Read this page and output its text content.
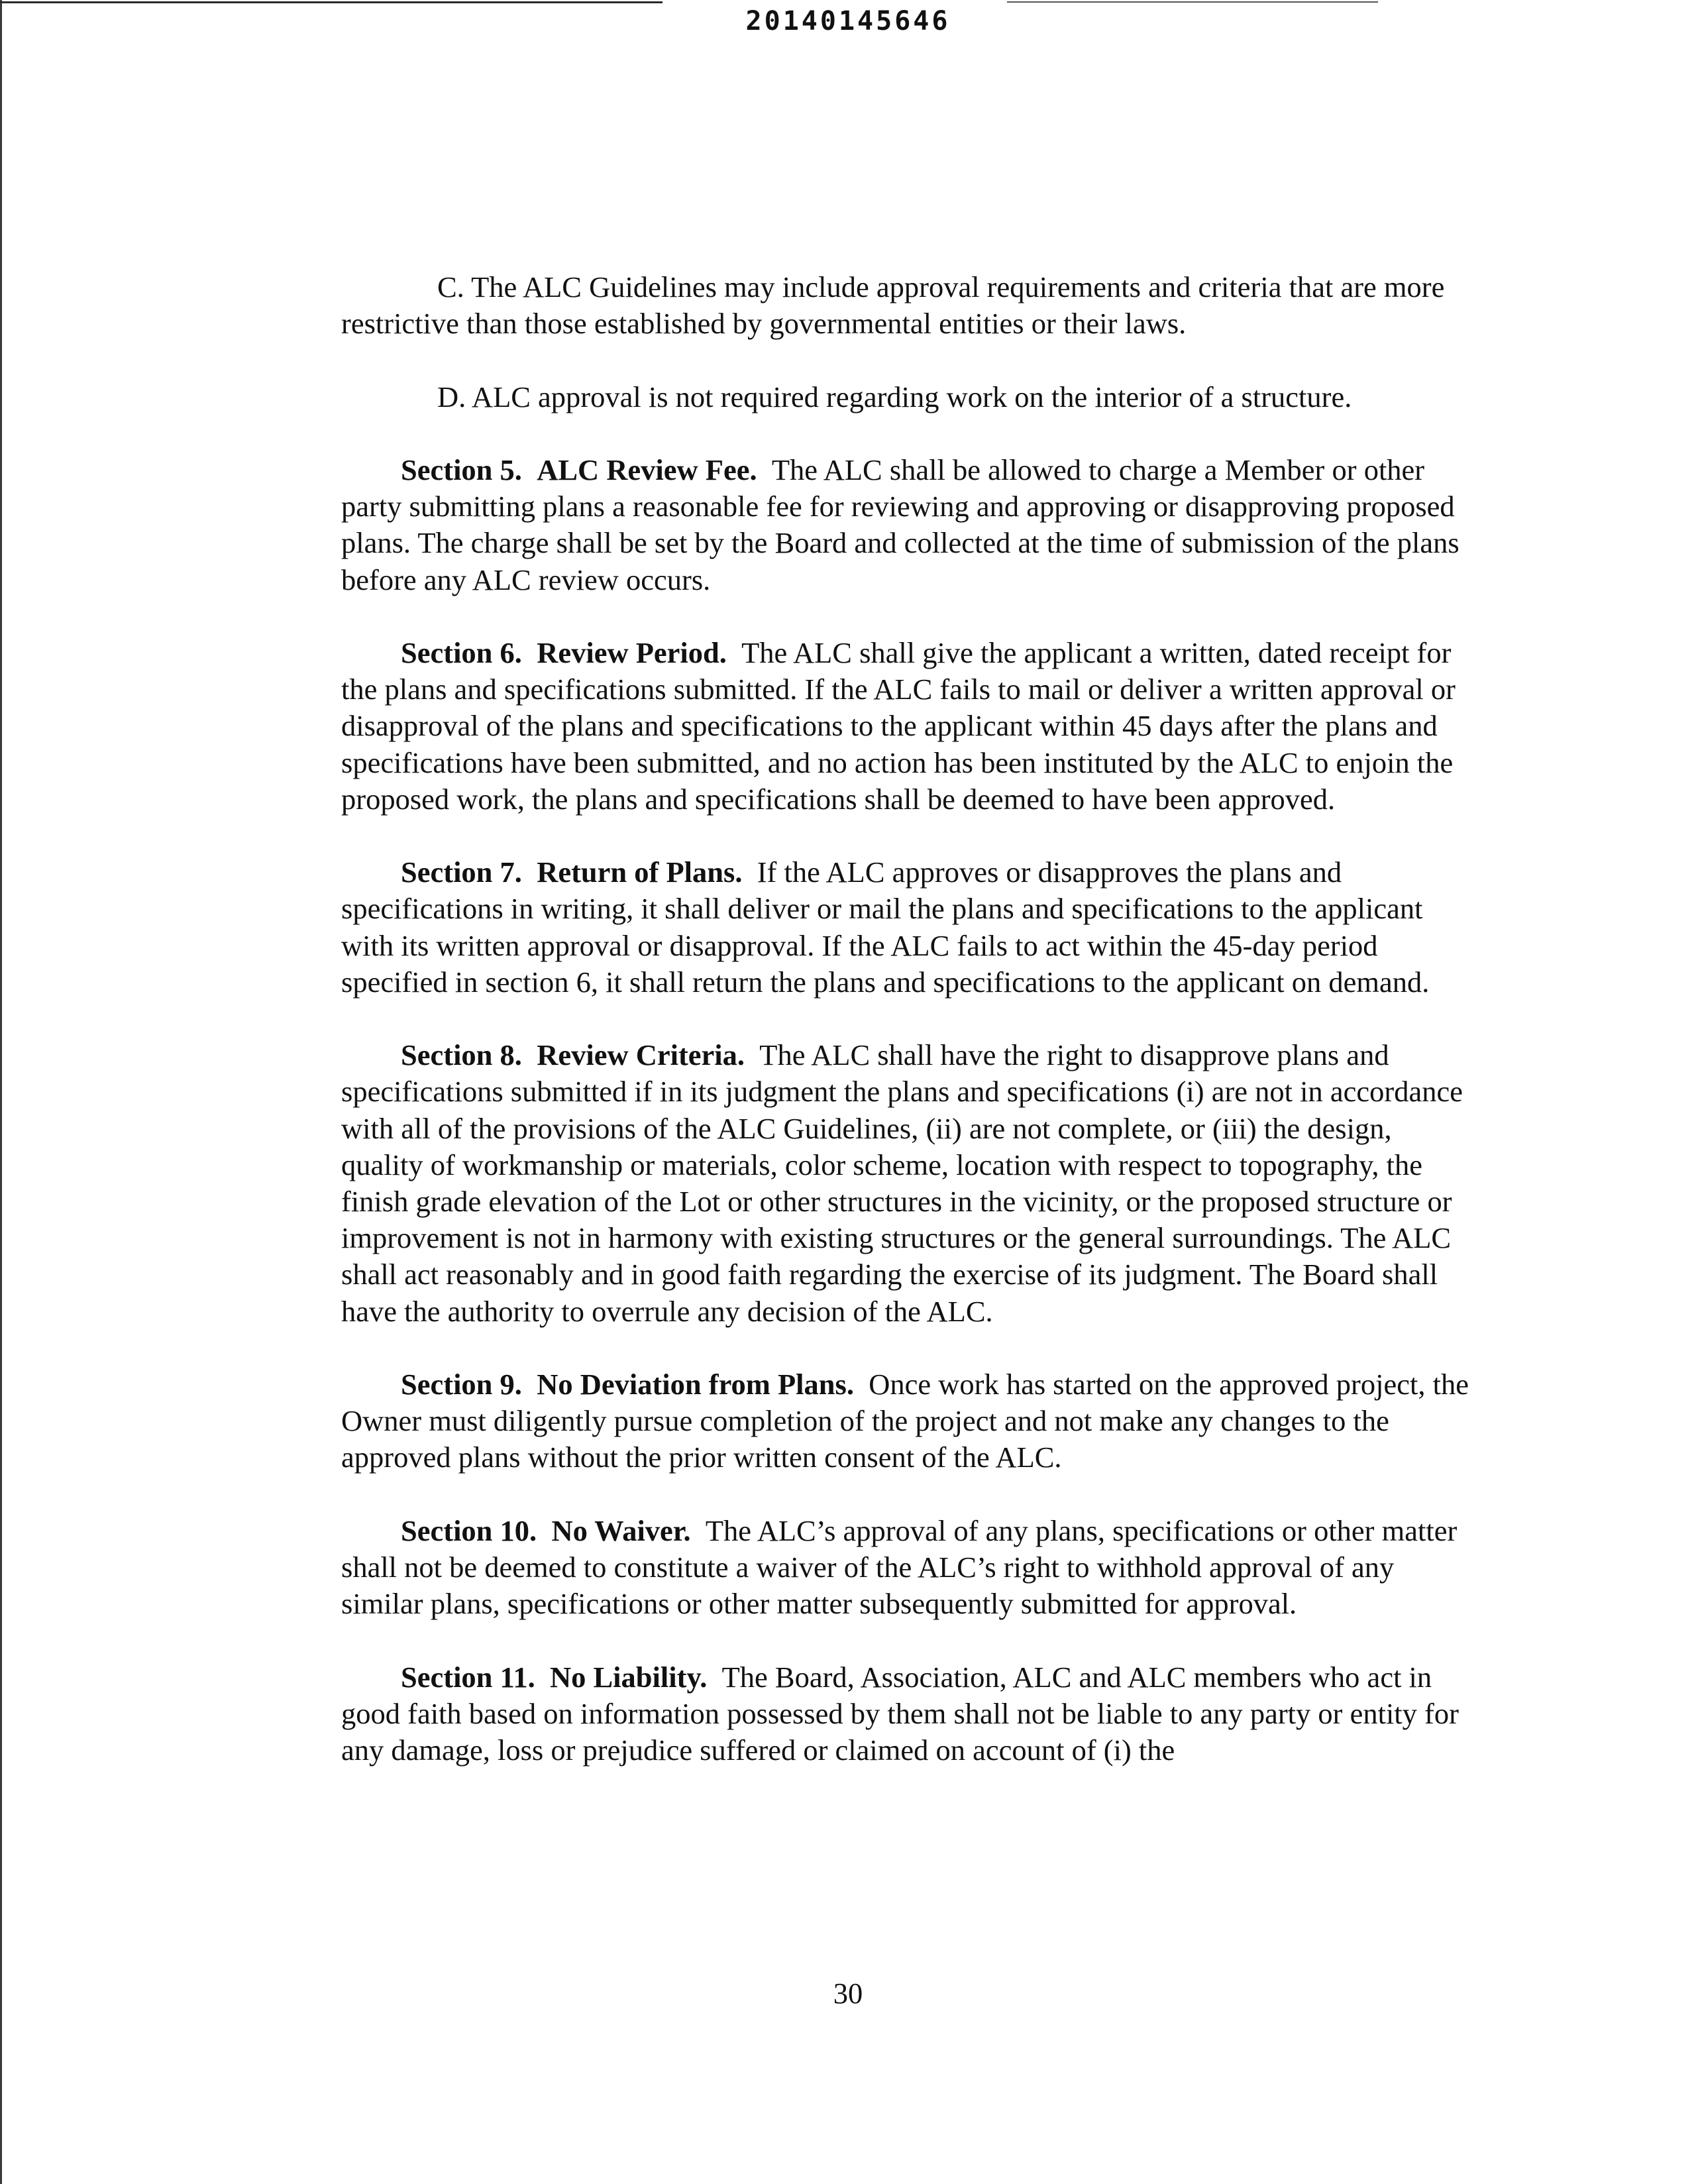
20140145646

C. The ALC Guidelines may include approval requirements and criteria that are more restrictive than those established by governmental entities or their laws.

D. ALC approval is not required regarding work on the interior of a structure.

Section 5. ALC Review Fee. The ALC shall be allowed to charge a Member or other party submitting plans a reasonable fee for reviewing and approving or disapproving proposed plans. The charge shall be set by the Board and collected at the time of submission of the plans before any ALC review occurs.

Section 6. Review Period. The ALC shall give the applicant a written, dated receipt for the plans and specifications submitted. If the ALC fails to mail or deliver a written approval or disapproval of the plans and specifications to the applicant within 45 days after the plans and specifications have been submitted, and no action has been instituted by the ALC to enjoin the proposed work, the plans and specifications shall be deemed to have been approved.

Section 7. Return of Plans. If the ALC approves or disapproves the plans and specifications in writing, it shall deliver or mail the plans and specifications to the applicant with its written approval or disapproval. If the ALC fails to act within the 45-day period specified in section 6, it shall return the plans and specifications to the applicant on demand.

Section 8. Review Criteria. The ALC shall have the right to disapprove plans and specifications submitted if in its judgment the plans and specifications (i) are not in accordance with all of the provisions of the ALC Guidelines, (ii) are not complete, or (iii) the design, quality of workmanship or materials, color scheme, location with respect to topography, the finish grade elevation of the Lot or other structures in the vicinity, or the proposed structure or improvement is not in harmony with existing structures or the general surroundings. The ALC shall act reasonably and in good faith regarding the exercise of its judgment. The Board shall have the authority to overrule any decision of the ALC.

Section 9. No Deviation from Plans. Once work has started on the approved project, the Owner must diligently pursue completion of the project and not make any changes to the approved plans without the prior written consent of the ALC.

Section 10. No Waiver. The ALC’s approval of any plans, specifications or other matter shall not be deemed to constitute a waiver of the ALC’s right to withhold approval of any similar plans, specifications or other matter subsequently submitted for approval.

Section 11. No Liability. The Board, Association, ALC and ALC members who act in good faith based on information possessed by them shall not be liable to any party or entity for any damage, loss or prejudice suffered or claimed on account of (i) the

30
